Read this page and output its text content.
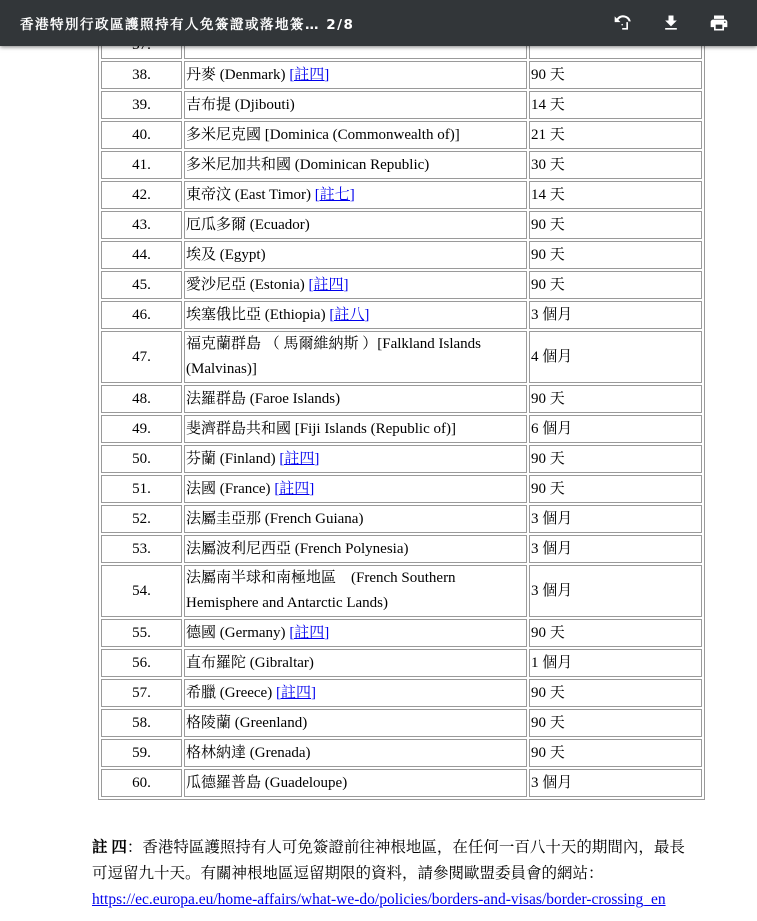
38.	丹麥 (Denmark) [註四]	90 天
39.	吉布提 (Djibouti)	14 天
40.	多米尼克國 [Dominica (Commonwealth of)]	21 天
41.	多米尼加共和國 (Dominican Republic)	30 天
42.	東帝汶 (East Timor) [註七]	14 天
43.	厄瓜多爾 (Ecuador)	90 天
44.	埃及 (Egypt)	90 天
45.	愛沙尼亞 (Estonia) [註四]	90 天
46.	埃塞俄比亞 (Ethiopia) [註八]	3 個月
47.	福克蘭群島 （ 馬爾維納斯 ）[Falkland Islands (Malvinas)]	4 個月
48.	法羅群島 (Faroe Islands)	90 天
49.	斐濟群島共和國 [Fiji Islands (Republic of)]	6 個月
50.	芬蘭 (Finland) [註四]	90 天
51.	法國 (France) [註四]	90 天
52.	法屬圭亞那 (French Guiana)	3 個月
53.	法屬波利尼西亞 (French Polynesia)	3 個月
54.	法屬南半球和南極地區　(French Southern Hemisphere and Antarctic Lands)	3 個月
55.	德國 (Germany) [註四]	90 天
56.	直布羅陀 (Gibraltar)	1 個月
57.	希臘 (Greece) [註四]	90 天
58.	格陵蘭 (Greenland)	90 天
59.	格林納達 (Grenada)	90 天
60.	瓜德羅普島 (Guadeloupe)	3 個月
註 四：香港特區護照持有人可免簽證前往神根地區，在任何一百八十天的期間內，最長可逗留九十天。有關神根地區逗留期限的資料，請參閱歐盟委員會的網站：
https://ec.europa.eu/home-affairs/what-we-do/policies/borders-and-visas/border-crossing_en
香港特別行政區護照持有人免簽證或落地簽… 2/8
